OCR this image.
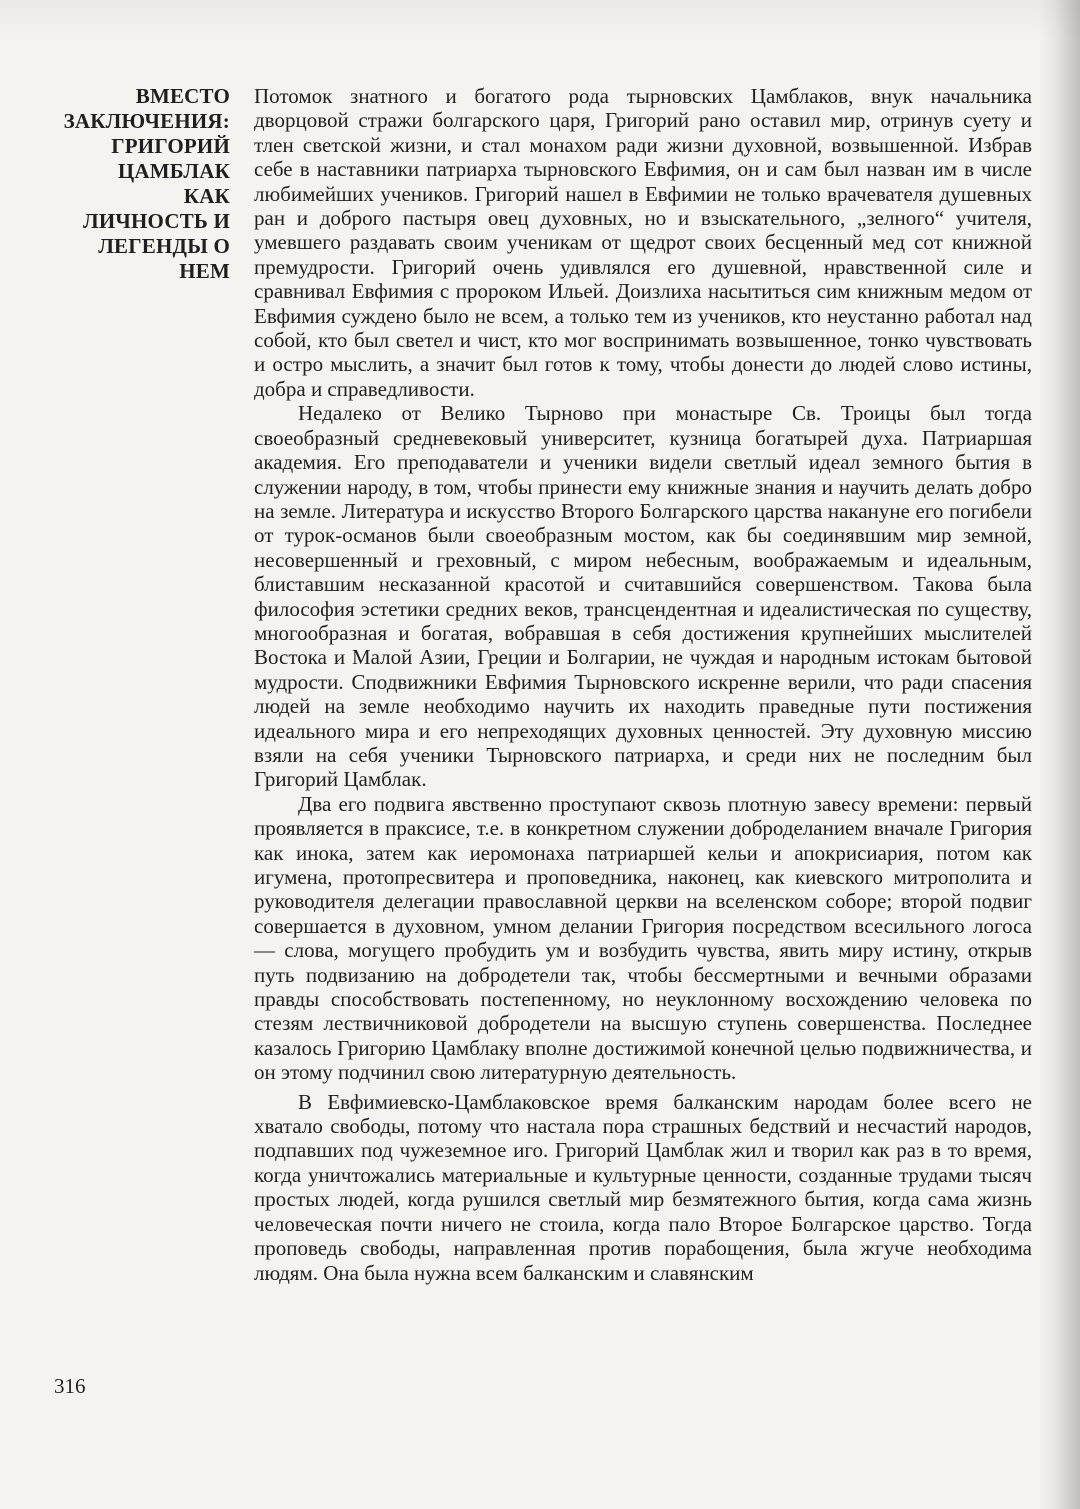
ВМЕСТО
ЗАКЛЮЧЕНИЯ:
ГРИГОРИЙ
ЦАМБЛАК
КАК
ЛИЧНОСТЬ И
ЛЕГЕНДЫ О
НЕМ

Потомок знатного и богатого рода тырновских Цамблаков, внук начальника дворцовой стражи болгарского царя, Григорий рано оставил мир, отринув суету и тлен светской жизни, и стал монахом ради жизни духовной, возвышенной. Избрав себе в наставники патриарха тырновского Евфимия, он и сам был назван им в числе любимейших учеников. Григорий нашел в Евфимии не только врачевателя душевных ран и доброго пастыря овец духовных, но и взыскательного, „зелного“ учителя, умевшего раздавать своим ученикам от щедрот своих бесценный мед сот книжной премудрости. Григорий очень удивлялся его душевной, нравственной силе и сравнивал Евфимия с пророком Ильей. Доизлиха насытиться сим книжным медом от Евфимия суждено было не всем, а только тем из учеников, кто неустанно работал над собой, кто был светел и чист, кто мог воспринимать возвышенное, тонко чувствовать и остро мыслить, а значит был готов к тому, чтобы донести до людей слово истины, добра и справедливости.

Недалеко от Велико Тырново при монастыре Св. Троицы был тогда своеобразный средневековый университет, кузница богатырей духа. Патриаршая академия. Его преподаватели и ученики видели светлый идеал земного бытия в служении народу, в том, чтобы принести ему книжные знания и научить делать добро на земле. Литература и искусство Второго Болгарского царства накануне его погибели от турок-османов были своеобразным мостом, как бы соединявшим мир земной, несовершенный и греховный, с миром небесным, воображаемым и идеальным, блиставшим несказанной красотой и считавшийся совершенством. Такова была философия эстетики средних веков, трансцендентная и идеалистическая по существу, многообразная и богатая, вобравшая в себя достижения крупнейших мыслителей Востока и Малой Азии, Греции и Болгарии, не чуждая и народным истокам бытовой мудрости. Сподвижники Евфимия Тырновского искренне верили, что ради спасения людей на земле необходимо научить их находить праведные пути постижения идеального мира и его непреходящих духовных ценностей. Эту духовную миссию взяли на себя ученики Тырновского патриарха, и среди них не последним был Григорий Цамблак.

Два его подвига явственно проступают сквозь плотную завесу времени: первый проявляется в праксисе, т.е. в конкретном служении доброделанием вначале Григория как инока, затем как иеромонаха патриаршей кельи и апокрисиария, потом как игумена, протопресвитера и проповедника, наконец, как киевского митрополита и руководителя делегации православной церкви на вселенском соборе; второй подвиг совершается в духовном, умном делании Григория посредством всесильного логоса — слова, могущего пробудить ум и возбудить чувства, явить миру истину, открыв путь подвизанию на добродетели так, чтобы бессмертными и вечными образами правды способствовать постепенному, но неуклонному восхождению человека по стезям лествичниковой добродетели на высшую ступень совершенства. Последнее казалось Григорию Цамблаку вполне достижимой конечной целью подвижничества, и он этому подчинил свою литературную деятельность.

В Евфимиевско-Цамблаковское время балканским народам более всего не хватало свободы, потому что настала пора страшных бедствий и несчастий народов, подпавших под чужеземное иго. Григорий Цамблак жил и творил как раз в то время, когда уничтожались материальные и культурные ценности, созданные трудами тысяч простых людей, когда рушился светлый мир безмятежного бытия, когда сама жизнь человеческая почти ничего не стоила, когда пало Второе Болгарское царство. Тогда проповедь свободы, направленная против порабощения, была жгуче необходима людям. Она была нужна всем балканским и славянским

316
